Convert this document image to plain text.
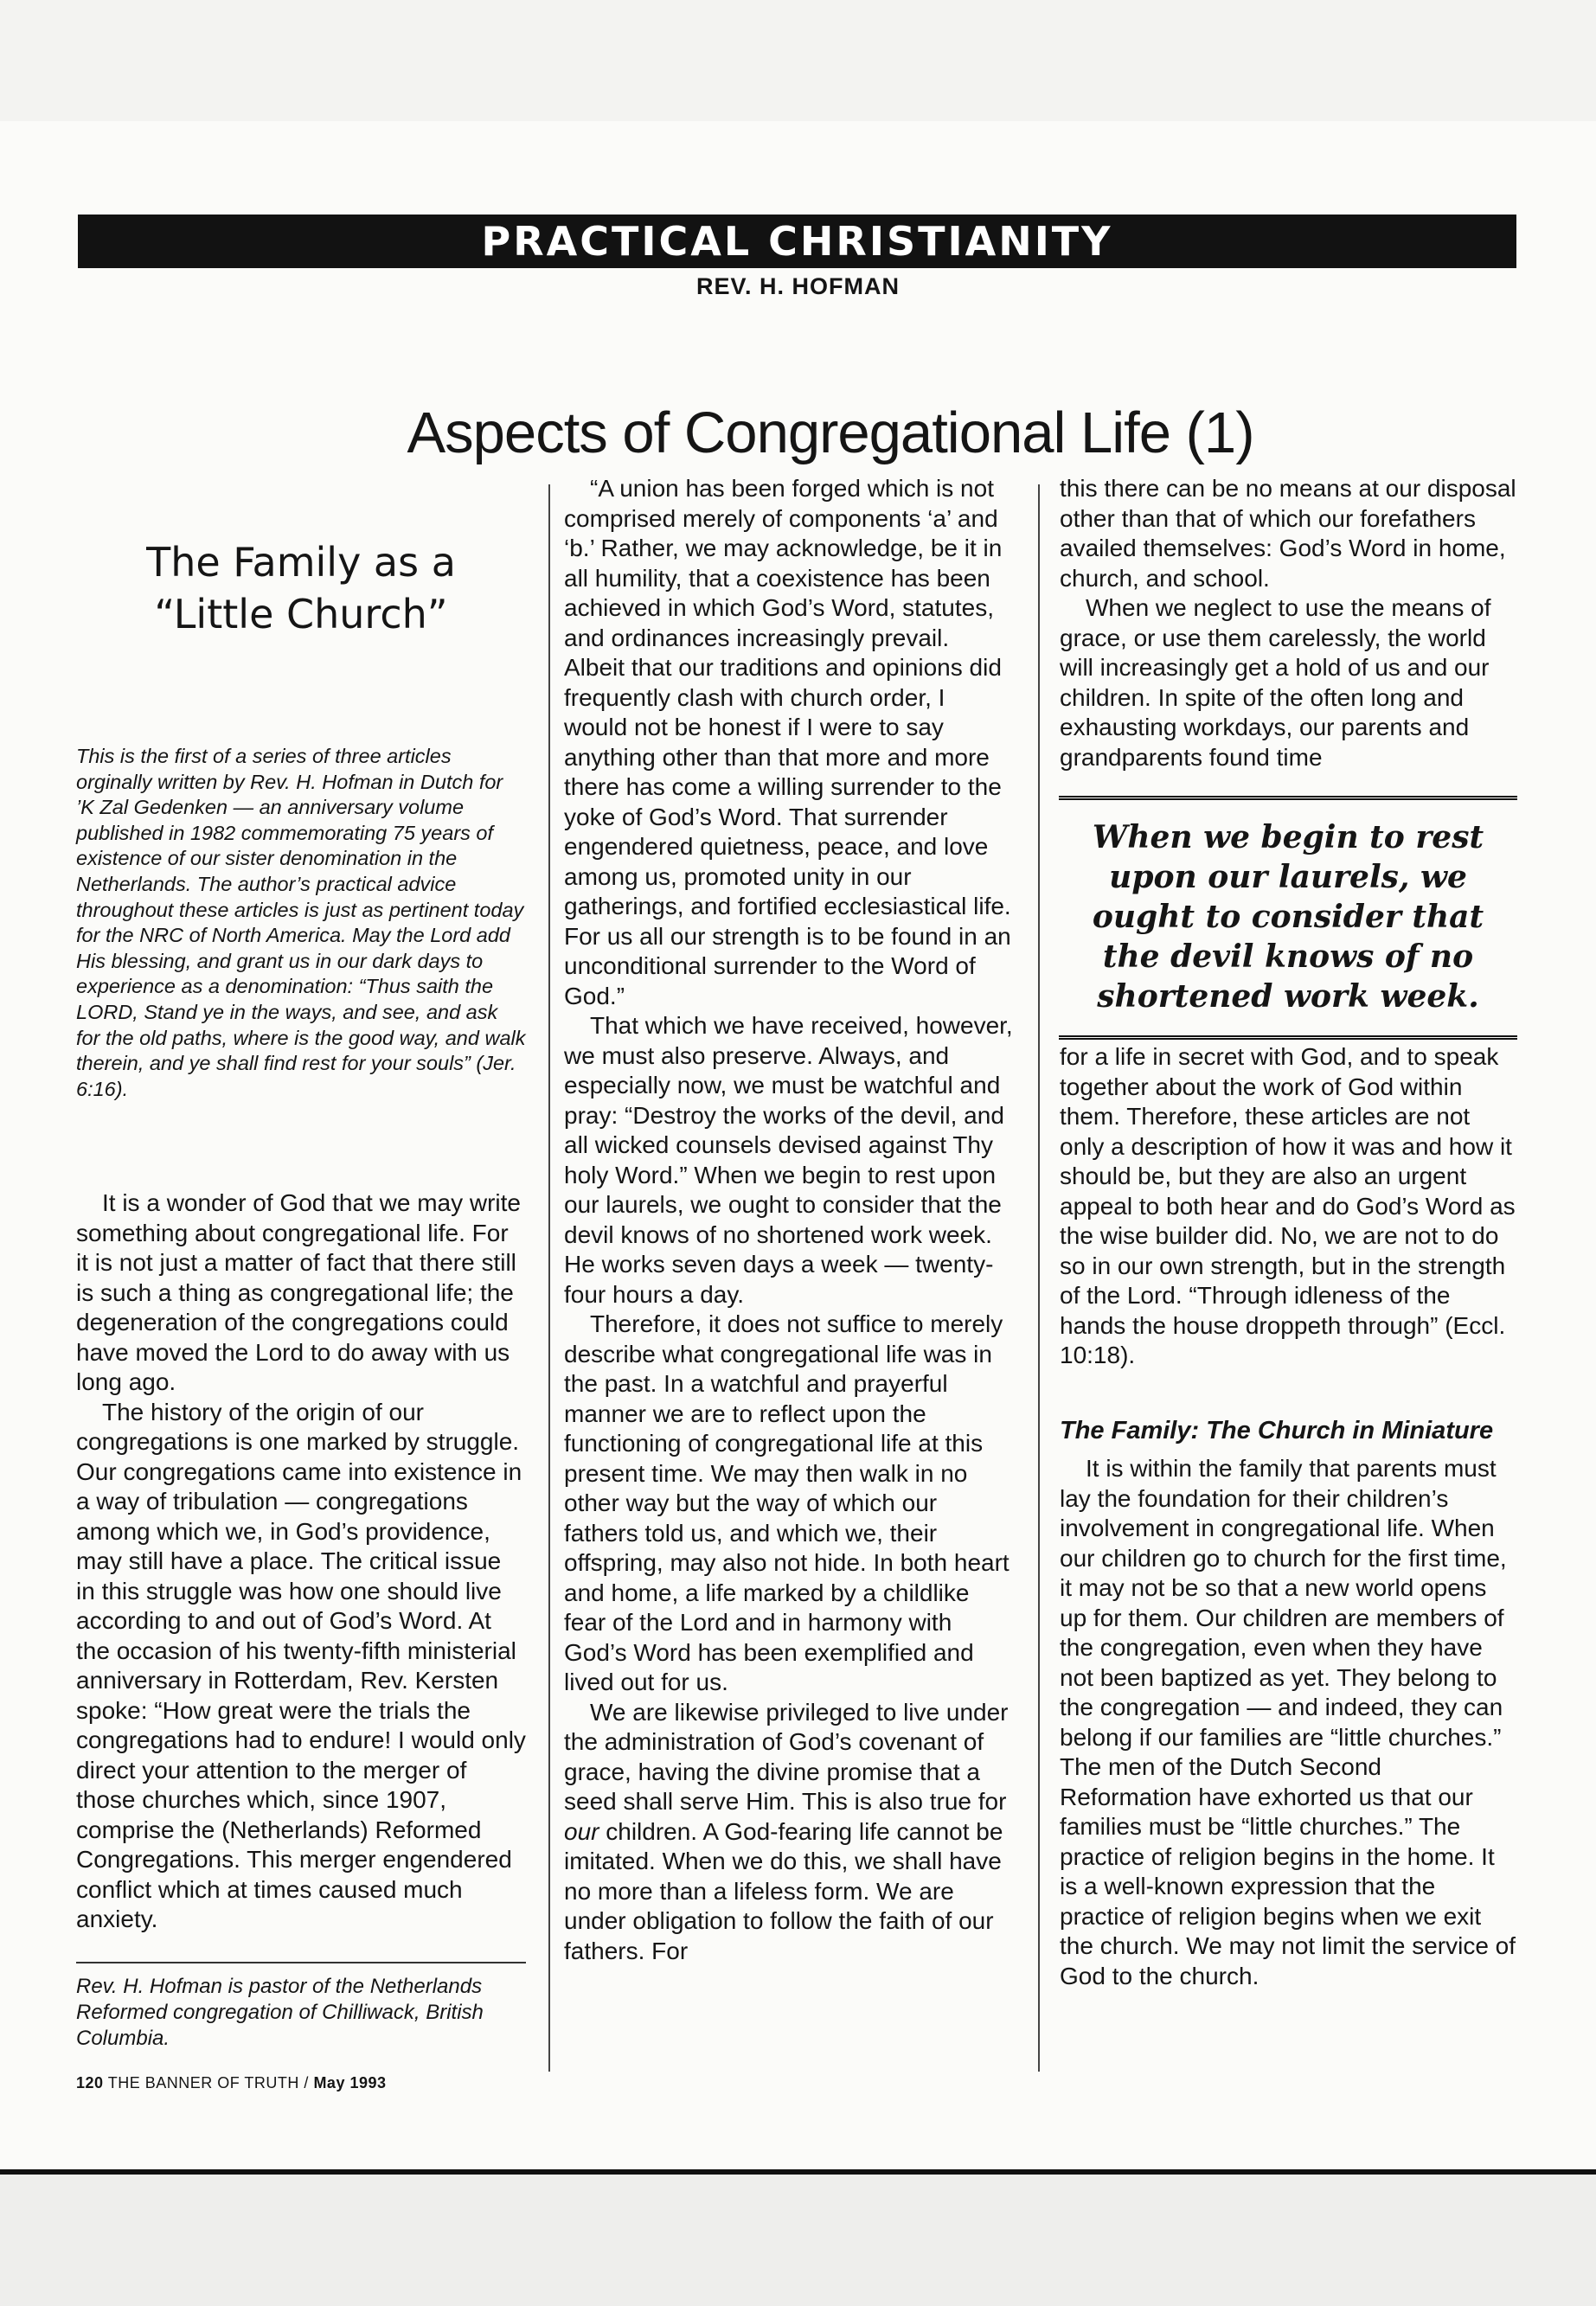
PRACTICAL CHRISTIANITY
REV. H. HOFMAN
Aspects of Congregational Life (1)
The Family as a
“Little Church”

This is the first of a series of three articles orginally written by Rev. H. Hofman in Dutch for ’K Zal Gedenken — an anniversary volume published in 1982 commemorating 75 years of existence of our sister denomination in the Netherlands. The author’s practical advice throughout these articles is just as pertinent today for the NRC of North America. May the Lord add His blessing, and grant us in our dark days to experience as a denomination: “Thus saith the LORD, Stand ye in the ways, and see, and ask for the old paths, where is the good way, and walk therein, and ye shall find rest for your souls” (Jer. 6:16).

It is a wonder of God that we may write something about congregational life. For it is not just a matter of fact that there still is such a thing as congregational life; the degeneration of the congregations could have moved the Lord to do away with us long ago.

The history of the origin of our congregations is one marked by struggle. Our congregations came into existence in a way of tribulation — congregations among which we, in God’s providence, may still have a place. The critical issue in this struggle was how one should live according to and out of God’s Word. At the occasion of his twenty-fifth ministerial anniversary in Rotterdam, Rev. Kersten spoke: “How great were the trials the congregations had to endure! I would only direct your attention to the merger of those churches which, since 1907, comprise the (Netherlands) Reformed Congregations. This merger engendered conflict which at times caused much anxiety.

Rev. H. Hofman is pastor of the Netherlands Reformed congregation of Chilliwack, British Columbia.
120 THE BANNER OF TRUTH / May 1993

“A union has been forged which is not comprised merely of components ‘a’ and ‘b.’ Rather, we may acknowledge, be it in all humility, that a coexistence has been achieved in which God’s Word, statutes, and ordinances increasingly prevail. Albeit that our traditions and opinions did frequently clash with church order, I would not be honest if I were to say anything other than that more and more there has come a willing surrender to the yoke of God’s Word. That surrender engendered quietness, peace, and love among us, promoted unity in our gatherings, and fortified ecclesiastical life. For us all our strength is to be found in an unconditional surrender to the Word of God.”

That which we have received, however, we must also preserve. Always, and especially now, we must be watchful and pray: “Destroy the works of the devil, and all wicked counsels devised against Thy holy Word.” When we begin to rest upon our laurels, we ought to consider that the devil knows of no shortened work week. He works seven days a week — twenty-four hours a day.

Therefore, it does not suffice to merely describe what congregational life was in the past. In a watchful and prayerful manner we are to reflect upon the functioning of congregational life at this present time. We may then walk in no other way but the way of which our fathers told us, and which we, their offspring, may also not hide. In both heart and home, a life marked by a childlike fear of the Lord and in harmony with God’s Word has been exemplified and lived out for us.

We are likewise privileged to live under the administration of God’s covenant of grace, having the divine promise that a seed shall serve Him. This is also true for our children. A God-fearing life cannot be imitated. When we do this, we shall have no more than a lifeless form. We are under obligation to follow the faith of our fathers. For

this there can be no means at our disposal other than that of which our forefathers availed themselves: God’s Word in home, church, and school.

When we neglect to use the means of grace, or use them carelessly, the world will increasingly get a hold of us and our children. In spite of the often long and exhausting workdays, our parents and grandparents found time

When we begin to rest upon our laurels, we ought to consider that the devil knows of no shortened work week.

for a life in secret with God, and to speak together about the work of God within them. Therefore, these articles are not only a description of how it was and how it should be, but they are also an urgent appeal to both hear and do God’s Word as the wise builder did. No, we are not to do so in our own strength, but in the strength of the Lord. “Through idleness of the hands the house droppeth through” (Eccl. 10:18).

The Family: The Church in Miniature

It is within the family that parents must lay the foundation for their children’s involvement in congregational life. When our children go to church for the first time, it may not be so that a new world opens up for them. Our children are members of the congregation, even when they have not been baptized as yet. They belong to the congregation — and indeed, they can belong if our families are “little churches.” The men of the Dutch Second Reformation have exhorted us that our families must be “little churches.” The practice of religion begins in the home. It is a well-known expression that the practice of religion begins when we exit the church. We may not limit the service of God to the church.
